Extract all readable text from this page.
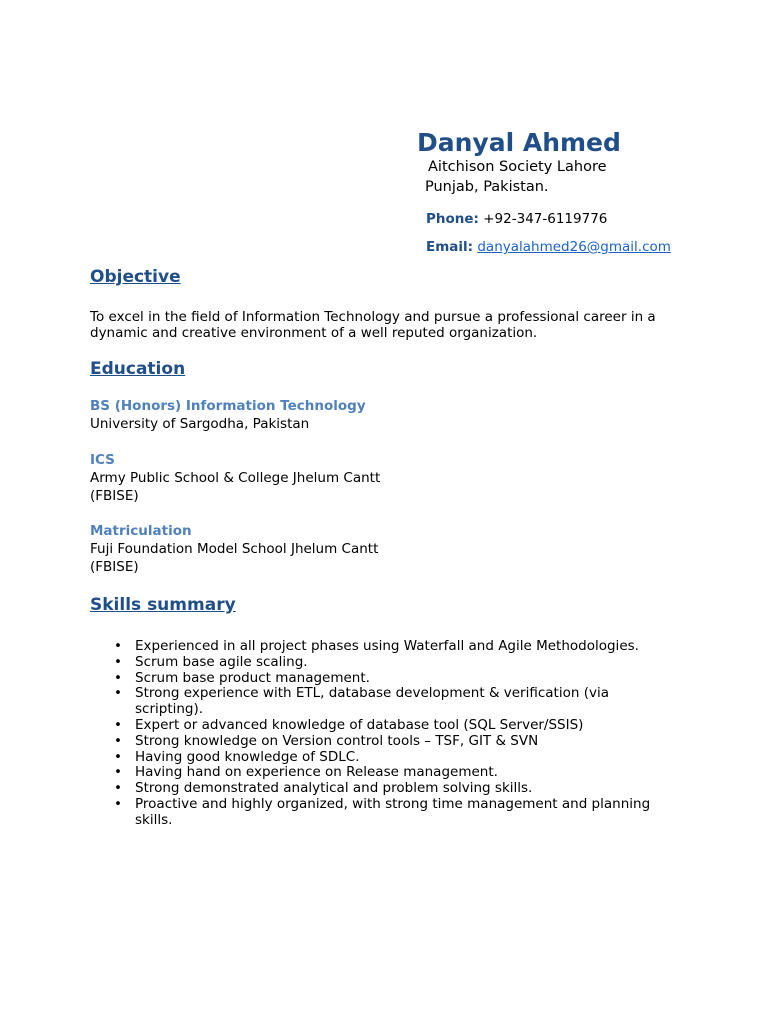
Danyal Ahmed
Aitchison Society Lahore
Punjab, Pakistan.
Phone: +92-347-6119776
Email: danyalahmed26@gmail.com
Objective

To excel in the field of Information Technology and pursue a professional career in a dynamic and creative environment of a well reputed organization.

Education
BS (Honors) Information Technology
University of Sargodha, Pakistan
ICS
Army Public School & College Jhelum Cantt
(FBISE)
Matriculation
Fuji Foundation Model School Jhelum Cantt
(FBISE)
Skills summary
• Experienced in all project phases using Waterfall and Agile Methodologies.
• Scrum base agile scaling.
• Scrum base product management.
• Strong experience with ETL, database development & verification (via scripting).
• Expert or advanced knowledge of database tool (SQL Server/SSIS)
• Strong knowledge on Version control tools – TSF, GIT & SVN
• Having good knowledge of SDLC.
• Having hand on experience on Release management.
• Strong demonstrated analytical and problem solving skills.
• Proactive and highly organized, with strong time management and planning skills.
